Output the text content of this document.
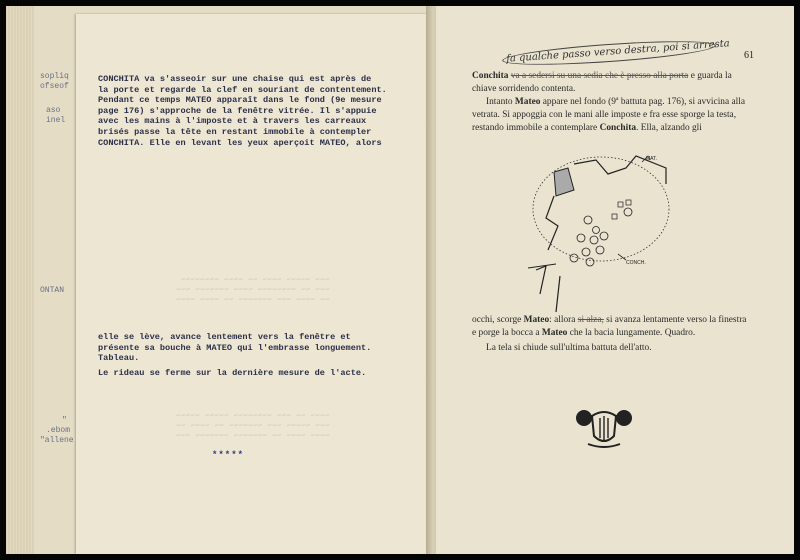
sopliq
ofseof
aso
inel
ONTAN
"
.ebom
"allene
~~~ ~~~~~ ~~~~ ~~ ~~~~ ~~~~~~~~
~~~ ~~ ~~~~~~~~ ~~~~ ~~~~~~~ ~~~
~~ ~~~~ ~~~ ~~~~~~~ ~~ ~~~~ ~~~~
~~~~ ~~ ~~~ ~~~~~~~~ ~~~~~ ~~~~~
~~~ ~~~~~ ~~~ ~~~~~~~ ~~ ~~~~ ~~
~~~~ ~~~~ ~~ ~~~~~~~ ~~~~~~~ ~~~
CONCHITA va s'asseoir sur une chaise qui est après de
la porte et regarde la clef en souriant de contentement.
Pendant ce temps MATEO apparaît dans le fond (9e mesure
page 176) s'approche de la fenêtre vitrée. Il s'appuie
avec les mains à l'imposte et à travers les carreaux
brisés passe la tête en restant immobile à contempler
CONCHITA. Elle en levant les yeux aperçoit MATEO, alors
elle se lève, avance lentement vers la fenêtre et
présente sa bouche à MATEO qui l'embrasse longuement.
Tableau.
Le rideau se ferme sur la dernière mesure de l'acte.
*****
61
fa qualche passo verso destra, poi si arresta
Conchita va a sedersi su una sedia che è presso alla porta e guarda la chiave sorridendo contenta.
Intanto Mateo appare nel fondo (9ª battuta pag. 176), si avvicina alla vetrata. Si appoggia con le mani alle imposte e fra esse sporge la testa, restando immobile a contemplare Conchita. Ella, alzando gli
MAT.
CONCH.
occhi, scorge Mateo: allora si alza, si avanza lentamente verso la finestra e porge la bocca a Mateo che la bacia lungamente. Quadro.
La tela si chiude sull'ultima battuta dell'atto.
